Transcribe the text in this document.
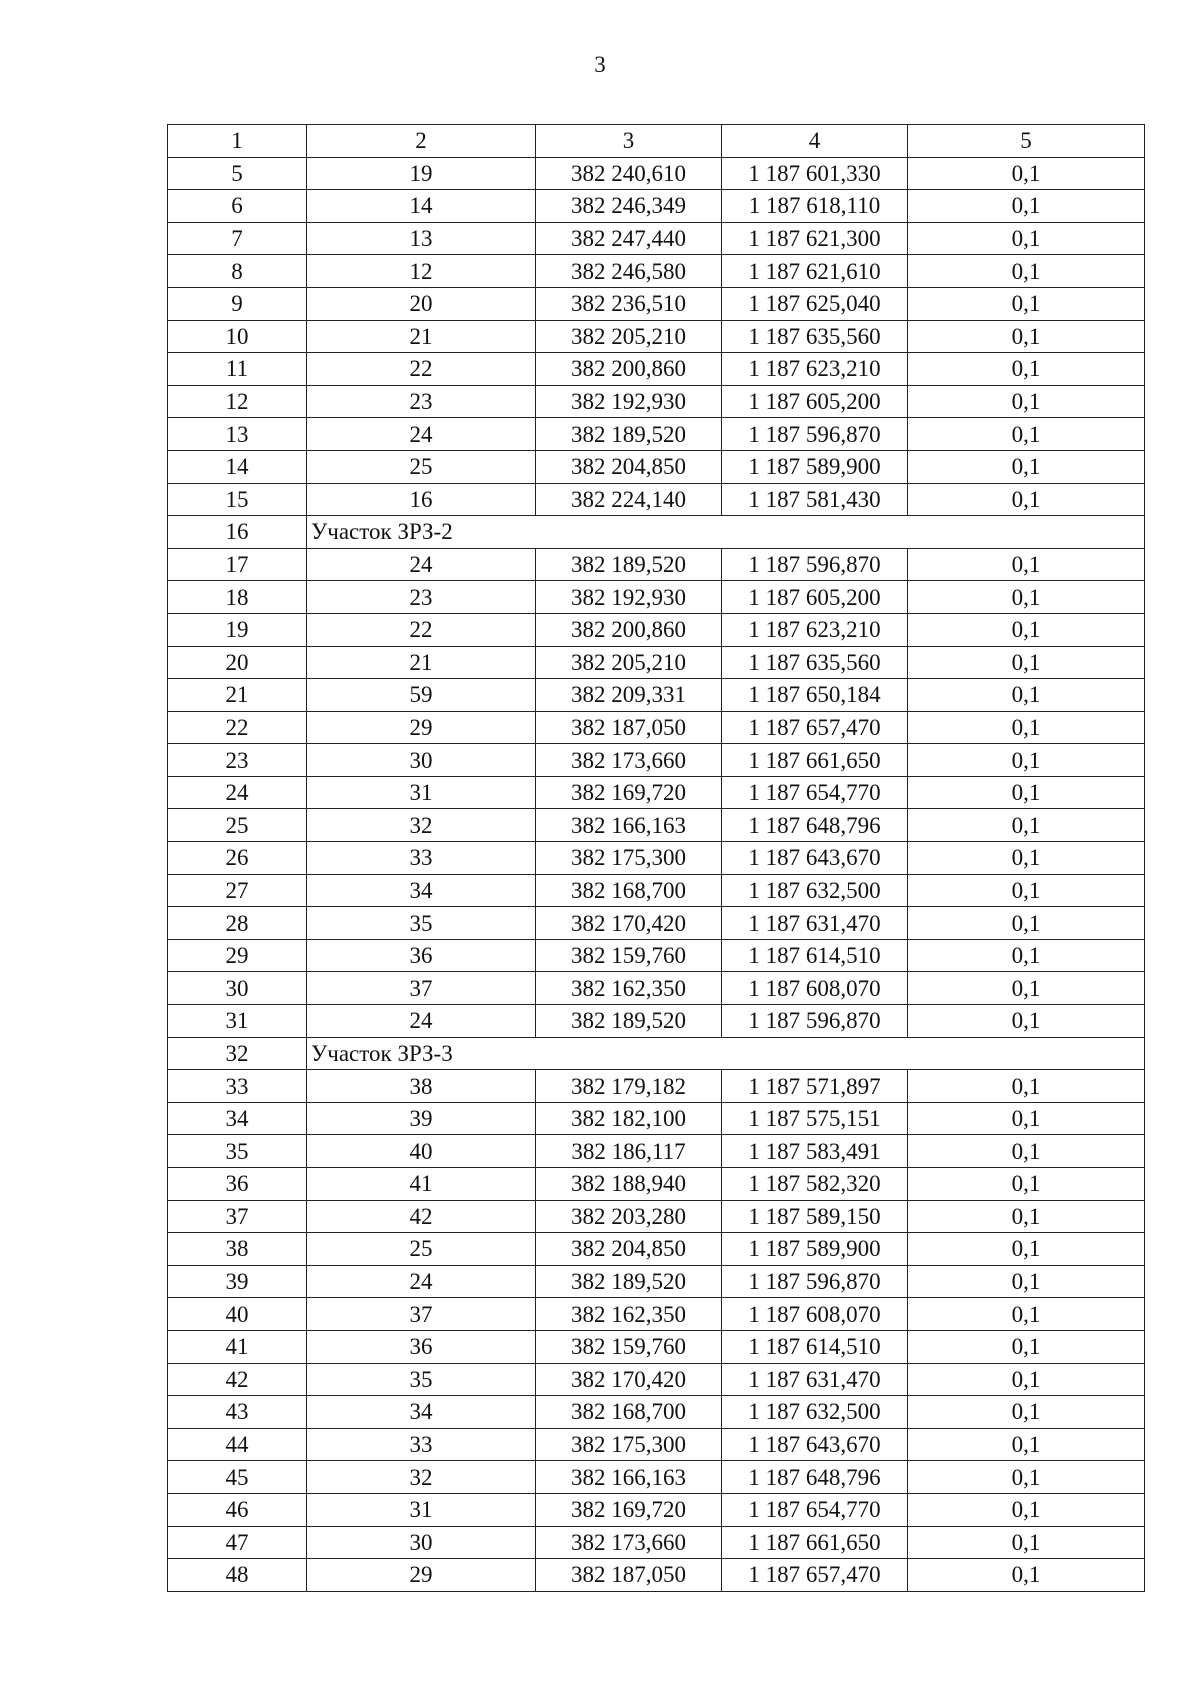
3
1	2	3	4	5
5	19	382 240,610	1 187 601,330	0,1
6	14	382 246,349	1 187 618,110	0,1
7	13	382 247,440	1 187 621,300	0,1
8	12	382 246,580	1 187 621,610	0,1
9	20	382 236,510	1 187 625,040	0,1
10	21	382 205,210	1 187 635,560	0,1
11	22	382 200,860	1 187 623,210	0,1
12	23	382 192,930	1 187 605,200	0,1
13	24	382 189,520	1 187 596,870	0,1
14	25	382 204,850	1 187 589,900	0,1
15	16	382 224,140	1 187 581,430	0,1
16	Участок ЗРЗ-2			
17	24	382 189,520	1 187 596,870	0,1
18	23	382 192,930	1 187 605,200	0,1
19	22	382 200,860	1 187 623,210	0,1
20	21	382 205,210	1 187 635,560	0,1
21	59	382 209,331	1 187 650,184	0,1
22	29	382 187,050	1 187 657,470	0,1
23	30	382 173,660	1 187 661,650	0,1
24	31	382 169,720	1 187 654,770	0,1
25	32	382 166,163	1 187 648,796	0,1
26	33	382 175,300	1 187 643,670	0,1
27	34	382 168,700	1 187 632,500	0,1
28	35	382 170,420	1 187 631,470	0,1
29	36	382 159,760	1 187 614,510	0,1
30	37	382 162,350	1 187 608,070	0,1
31	24	382 189,520	1 187 596,870	0,1
32	Участок ЗРЗ-3			
33	38	382 179,182	1 187 571,897	0,1
34	39	382 182,100	1 187 575,151	0,1
35	40	382 186,117	1 187 583,491	0,1
36	41	382 188,940	1 187 582,320	0,1
37	42	382 203,280	1 187 589,150	0,1
38	25	382 204,850	1 187 589,900	0,1
39	24	382 189,520	1 187 596,870	0,1
40	37	382 162,350	1 187 608,070	0,1
41	36	382 159,760	1 187 614,510	0,1
42	35	382 170,420	1 187 631,470	0,1
43	34	382 168,700	1 187 632,500	0,1
44	33	382 175,300	1 187 643,670	0,1
45	32	382 166,163	1 187 648,796	0,1
46	31	382 169,720	1 187 654,770	0,1
47	30	382 173,660	1 187 661,650	0,1
48	29	382 187,050	1 187 657,470	0,1
